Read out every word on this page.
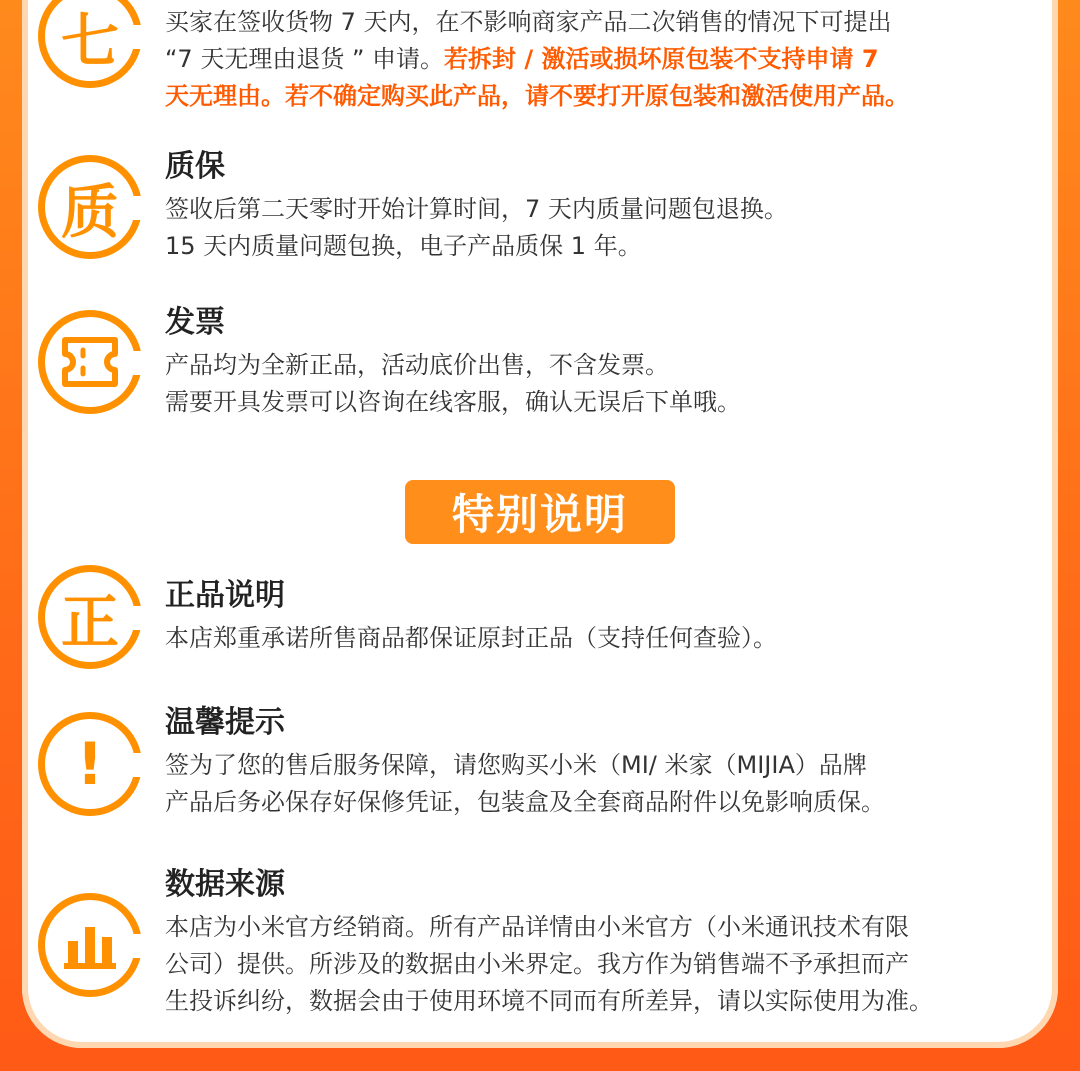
七	买家在签收货物 7 天内，在不影响商家产品二次销售的情况下可提出
“7 天无理由退货 ” 申请。若拆封 / 激活或损坏原包装不支持申请 7
天无理由。若不确定购买此产品，请不要打开原包装和激活使用产品。
质
质保
签收后第二天零时开始计算时间，7 天内质量问题包退换。
15 天内质量问题包换，电子产品质保 1 年。
发票
产品均为全新正品，活动底价出售，不含发票。
需要开具发票可以咨询在线客服，确认无误后下单哦。
特别说明
正	正品说明
本店郑重承诺所售商品都保证原封正品（支持任何查验）。
!
温馨提示
签为了您的售后服务保障，请您购买小米（MI/ 米家（MIJIA）品牌
产品后务必保存好保修凭证，包装盒及全套商品附件以免影响质保。
数据来源
本店为小米官方经销商。所有产品详情由小米官方（小米通讯技术有限
公司）提供。所涉及的数据由小米界定。我方作为销售端不予承担而产
生投诉纠纷，数据会由于使用环境不同而有所差异，请以实际使用为准。
